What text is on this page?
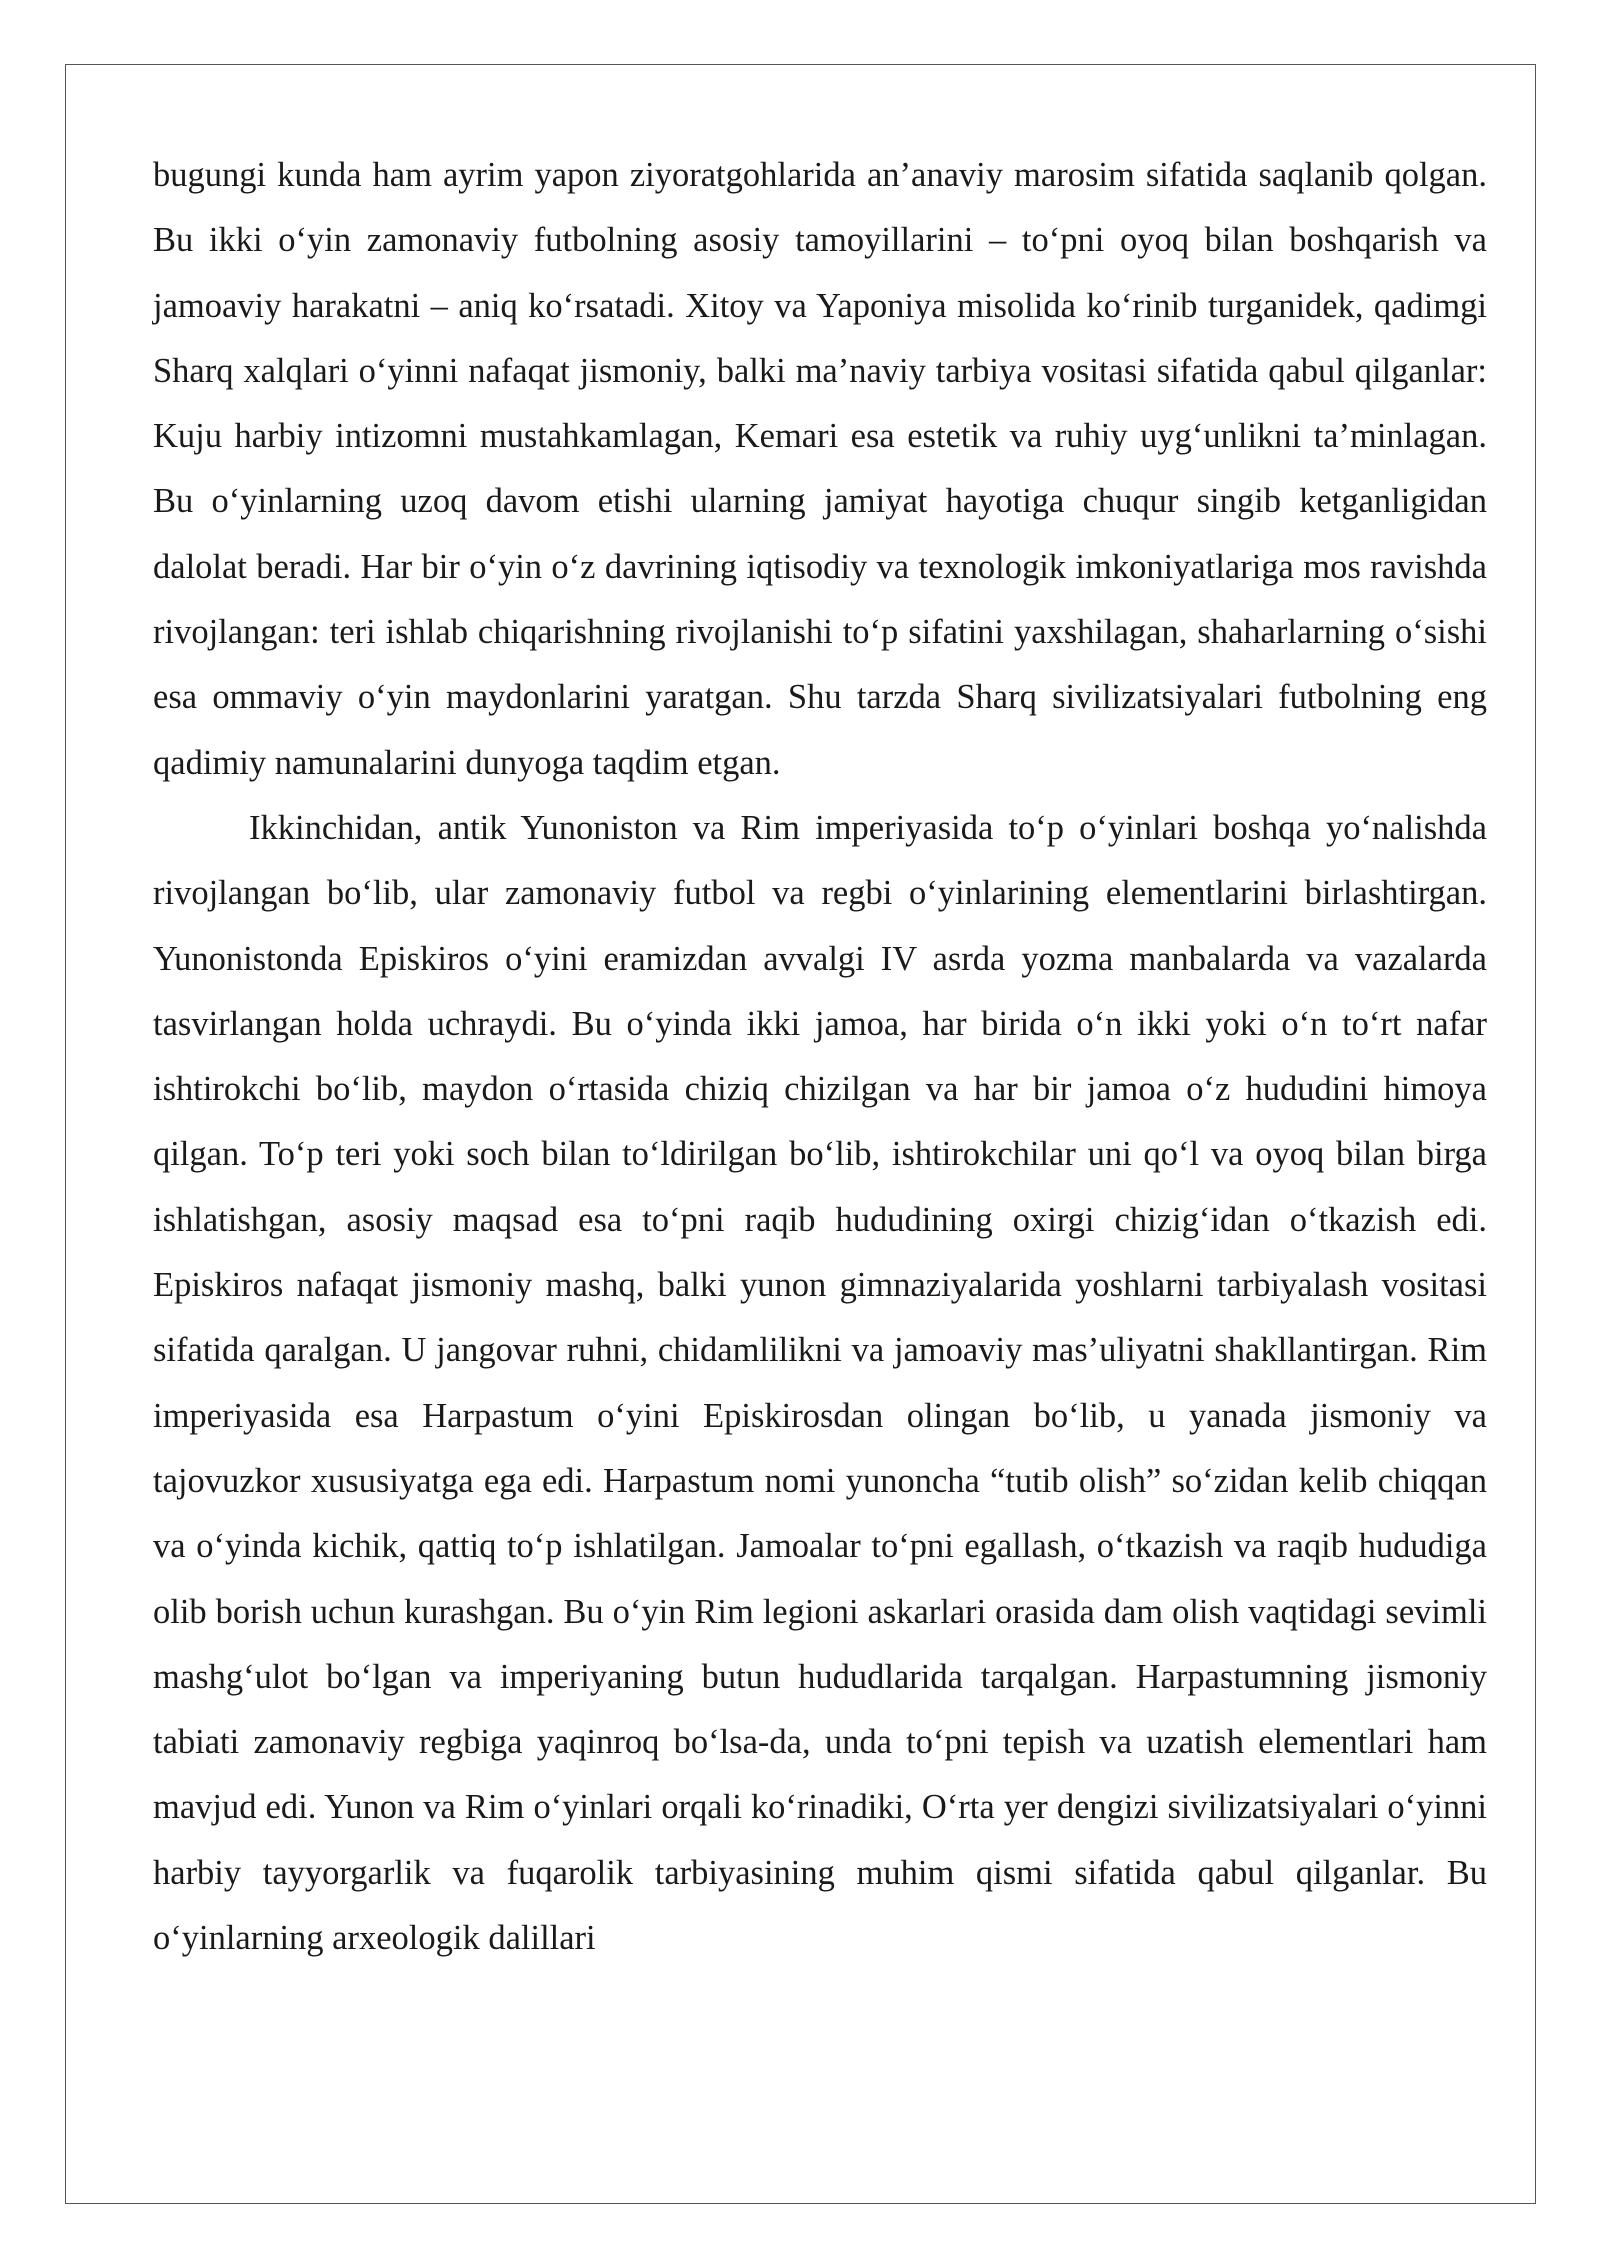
bugungi kunda ham ayrim yapon ziyoratgohlarida an’anaviy marosim sifatida saqlanib qolgan. Bu ikki o‘yin zamonaviy futbolning asosiy tamoyillarini – to‘pni oyoq bilan boshqarish va jamoaviy harakatni – aniq ko‘rsatadi. Xitoy va Yaponiya misolida ko‘rinib turganidek, qadimgi Sharq xalqlari o‘yinni nafaqat jismoniy, balki ma’naviy tarbiya vositasi sifatida qabul qilganlar: Kuju harbiy intizomni mustahkamlagan, Kemari esa estetik va ruhiy uyg‘unlikni ta’minlagan. Bu o‘yinlarning uzoq davom etishi ularning jamiyat hayotiga chuqur singib ketganligidan dalolat beradi. Har bir o‘yin o‘z davrining iqtisodiy va texnologik imkoniyatlariga mos ravishda rivojlangan: teri ishlab chiqarishning rivojlanishi to‘p sifatini yaxshilagan, shaharlarning o‘sishi esa ommaviy o‘yin maydonlarini yaratgan. Shu tarzda Sharq sivilizatsiyalari futbolning eng qadimiy namunalarini dunyoga taqdim etgan.

Ikkinchidan, antik Yunoniston va Rim imperiyasida to‘p o‘yinlari boshqa yo‘nalishda rivojlangan bo‘lib, ular zamonaviy futbol va regbi o‘yinlarining elementlarini birlashtirgan. Yunonistonda Episkiros o‘yini eramizdan avvalgi IV asrda yozma manbalarda va vazalarda tasvirlangan holda uchraydi. Bu o‘yinda ikki jamoa, har birida o‘n ikki yoki o‘n to‘rt nafar ishtirokchi bo‘lib, maydon o‘rtasida chiziq chizilgan va har bir jamoa o‘z hududini himoya qilgan. To‘p teri yoki soch bilan to‘ldirilgan bo‘lib, ishtirokchilar uni qo‘l va oyoq bilan birga ishlatishgan, asosiy maqsad esa to‘pni raqib hududining oxirgi chizig‘idan o‘tkazish edi. Episkiros nafaqat jismoniy mashq, balki yunon gimnaziyalarida yoshlarni tarbiyalash vositasi sifatida qaralgan. U jangovar ruhni, chidamlilikni va jamoaviy mas’uliyatni shakllantirgan. Rim imperiyasida esa Harpastum o‘yini Episkirosdan olingan bo‘lib, u yanada jismoniy va tajovuzkor xususiyatga ega edi. Harpastum nomi yunoncha “tutib olish” so‘zidan kelib chiqqan va o‘yinda kichik, qattiq to‘p ishlatilgan. Jamoalar to‘pni egallash, o‘tkazish va raqib hududiga olib borish uchun kurashgan. Bu o‘yin Rim legioni askarlari orasida dam olish vaqtidagi sevimli mashg‘ulot bo‘lgan va imperiyaning butun hududlarida tarqalgan. Harpastumning jismoniy tabiati zamonaviy regbiga yaqinroq bo‘lsa-da, unda to‘pni tepish va uzatish elementlari ham mavjud edi. Yunon va Rim o‘yinlari orqali ko‘rinadiki, O‘rta yer dengizi sivilizatsiyalari o‘yinni harbiy tayyorgarlik va fuqarolik tarbiyasining muhim qismi sifatida qabul qilganlar. Bu o‘yinlarning arxeologik dalillari
